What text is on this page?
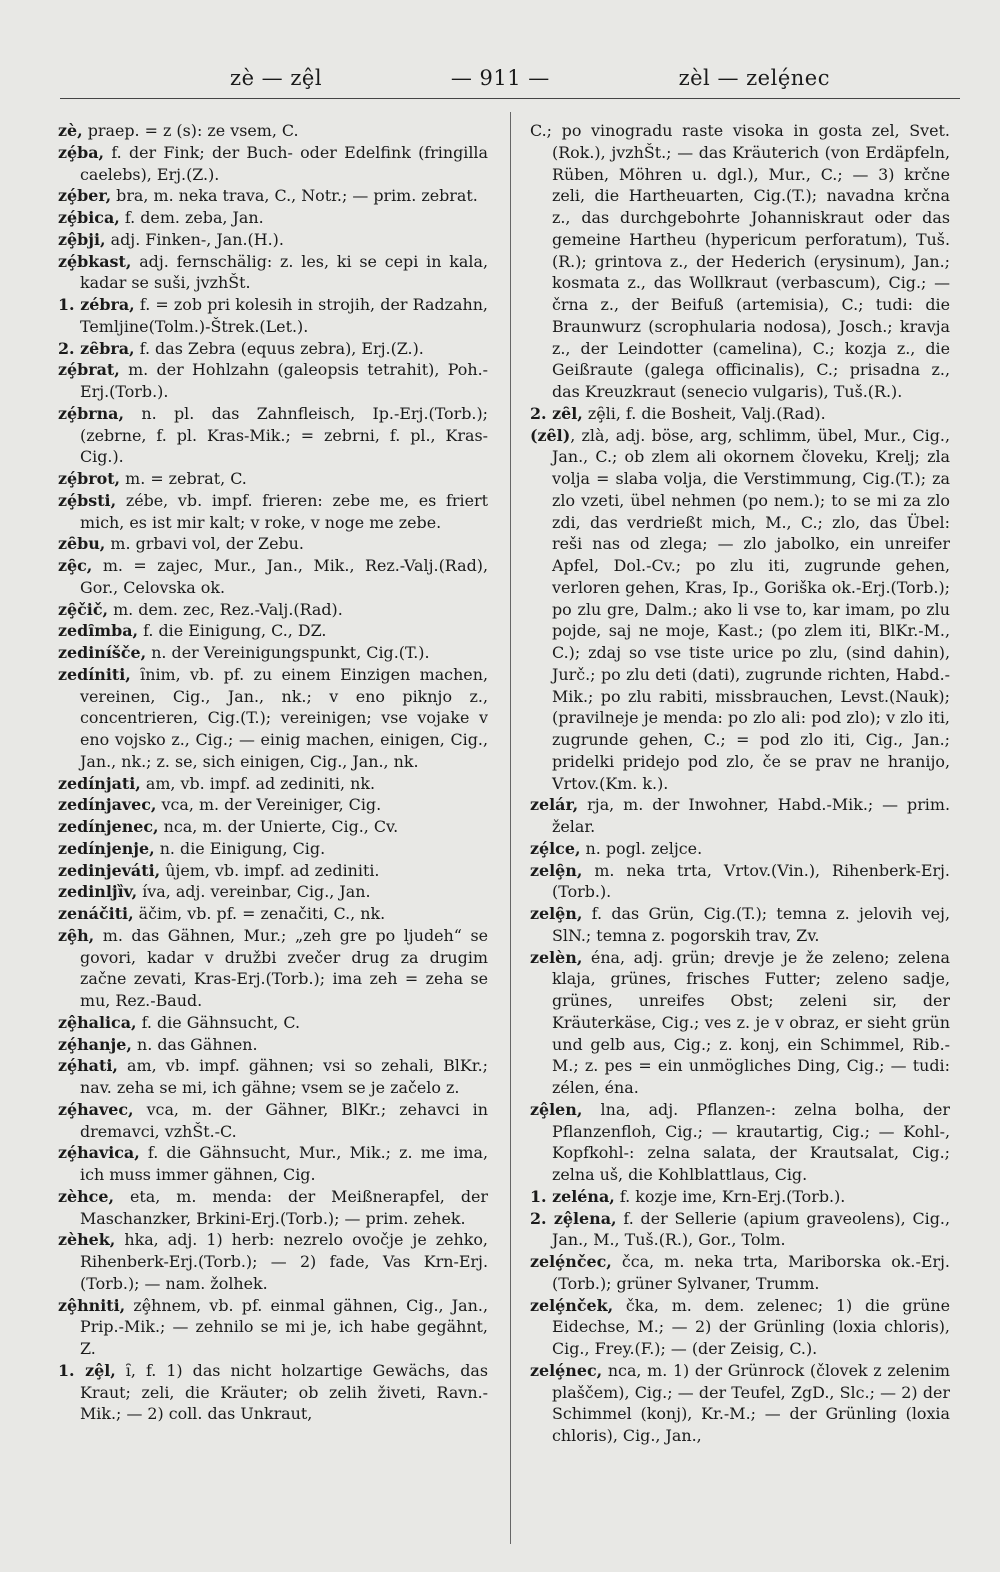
zè — zȩ̂l	— 911 —	zèl — zelȩ́nec

zè, praep. = z (s): ze vsem, C.

zȩ́ba, f. der Fink; der Buch- oder Edelfink (fringilla caelebs), Erj.(Z.).

zȩ́ber, bra, m. neka trava, C., Notr.; — prim. zebrat.

zȩ́bica, f. dem. zeba, Jan.

zȩ̂bji, adj. Finken-, Jan.(H.).

zȩ́bkast, adj. fernschälig: z. les, ki se cepi in kala, kadar se suši, jvzhŠt.

1. zébra, f. = zob pri kolesih in strojih, der Radzahn, Temljine(Tolm.)-Štrek.(Let.).

2. zȇbra, f. das Zebra (equus zebra), Erj.(Z.).

zȩ́brat, m. der Hohlzahn (galeopsis tetrahit), Poh.-Erj.(Torb.).

zȩ́brna, n. pl. das Zahnfleisch, Ip.-Erj.(Torb.); (zebrne, f. pl. Kras-Mik.; = zebrni, f. pl., Kras-Cig.).

zȩ́brot, m. = zebrat, C.

zȩ́bsti, zébe, vb. impf. frieren: zebe me, es friert mich, es ist mir kalt; v roke, v noge me zebe.

zȇbu, m. grbavi vol, der Zebu.

zȩ̑c, m. = zajec, Mur., Jan., Mik., Rez.-Valj.(Rad), Gor., Celovska ok.

zȩ̑čič, m. dem. zec, Rez.-Valj.(Rad).

zedȋmba, f. die Einigung, C., DZ.

zedinı́šče, n. der Vereinigungspunkt, Cig.(T.).

zedı́niti, ı̑nim, vb. pf. zu einem Einzigen machen, vereinen, Cig., Jan., nk.; v eno piknjo z., concentrieren, Cig.(T.); vereinigen; vse vojake v eno vojsko z., Cig.; — einig machen, einigen, Cig., Jan., nk.; z. se, sich einigen, Cig., Jan., nk.

zedı́njati, am, vb. impf. ad zediniti, nk.

zedı́njavec, vca, m. der Vereiniger, Cig.

zedı́njenec, nca, m. der Unierte, Cig., Cv.

zedı́njenje, n. die Einigung, Cig.

zedinjeváti, ûjem, vb. impf. ad zediniti.

zedinljȉv, ı́va, adj. vereinbar, Cig., Jan.

zenáčiti, äčim, vb. pf. = zenačiti, C., nk.

zȩ̑h, m. das Gähnen, Mur.; „zeh gre po ljudeh“ se govori, kadar v družbi zvečer drug za drugim začne zevati, Kras-Erj.(Torb.); ima zeh = zeha se mu, Rez.-Baud.

zȩ̂halica, f. die Gähnsucht, C.

zȩ́hanje, n. das Gähnen.

zȩ́hati, am, vb. impf. gähnen; vsi so zehali, BlKr.; nav. zeha se mi, ich gähne; vsem se je začelo z.

zȩ́havec, vca, m. der Gähner, BlKr.; zehavci in dremavci, vzhŠt.-C.

zȩ́havica, f. die Gähnsucht, Mur., Mik.; z. me ima, ich muss immer gähnen, Cig.

zèhce, eta, m. menda: der Meißnerapfel, der Maschanzker, Brkini-Erj.(Torb.); — prim. zehek.

zèhek, hka, adj. 1) herb: nezrelo ovočje je zehko, Rihenberk-Erj.(Torb.); — 2) fade, Vas Krn-Erj.(Torb.); — nam. žolhek.

zȩ̂hniti, zȩ̂hnem, vb. pf. einmal gähnen, Cig., Jan., Prip.-Mik.; — zehnilo se mi je, ich habe gegähnt, Z.

1. zȩ̂l, ı̑, f. 1) das nicht holzartige Gewächs, das Kraut; zeli, die Kräuter; ob zelih živeti, Ravn.-Mik.; — 2) coll. das Unkraut,

C.; po vinogradu raste visoka in gosta zel, Svet.(Rok.), jvzhŠt.; — das Kräuterich (von Erdäpfeln, Rüben, Möhren u. dgl.), Mur., C.; — 3) krčne zeli, die Hartheuarten, Cig.(T.); navadna krčna z., das durchgebohrte Johanniskraut oder das gemeine Hartheu (hypericum perforatum), Tuš.(R.); grintova z., der Hederich (erysinum), Jan.; kosmata z., das Wollkraut (verbascum), Cig.; — črna z., der Beifuß (artemisia), C.; tudi: die Braunwurz (scrophularia nodosa), Josch.; kravja z., der Leindotter (camelina), C.; kozja z., die Geißraute (galega officinalis), C.; prisadna z., das Kreuzkraut (senecio vulgaris), Tuš.(R.).

2. zȇl, zȩ̑li, f. die Bosheit, Valj.(Rad).

(zȇl), zlà, adj. böse, arg, schlimm, übel, Mur., Cig., Jan., C.; ob zlem ali okornem človeku, Krelj; zla volja = slaba volja, die Verstimmung, Cig.(T.); za zlo vzeti, übel nehmen (po nem.); to se mi za zlo zdi, das verdrießt mich, M., C.; zlo, das Übel: reši nas od zlega; — zlo jabolko, ein unreifer Apfel, Dol.-Cv.; po zlu iti, zugrunde gehen, verloren gehen, Kras, Ip., Goriška ok.-Erj.(Torb.); po zlu gre, Dalm.; ako li vse to, kar imam, po zlu pojde, saj ne moje, Kast.; (po zlem iti, BlKr.-M., C.); zdaj so vse tiste urice po zlu, (sind dahin), Jurč.; po zlu deti (dati), zugrunde richten, Habd.-Mik.; po zlu rabiti, missbrauchen, Levst.(Nauk); (pravilneje je menda: po zlo ali: pod zlo); v zlo iti, zugrunde gehen, C.; = pod zlo iti, Cig., Jan.; pridelki pridejo pod zlo, če se prav ne hranijo, Vrtov.(Km. k.).

zelár, rja, m. der Inwohner, Habd.-Mik.; — prim. želar.

zȩ́lce, n. pogl. zeljce.

zelȩ̑n, m. neka trta, Vrtov.(Vin.), Rihenberk-Erj.(Torb.).

zelȩ̑n, f. das Grün, Cig.(T.); temna z. jelovih vej, SlN.; temna z. pogorskih trav, Zv.

zelèn, éna, adj. grün; drevje je že zeleno; zelena klaja, grünes, frisches Futter; zeleno sadje, grünes, unreifes Obst; zeleni sir, der Kräuterkäse, Cig.; ves z. je v obraz, er sieht grün und gelb aus, Cig.; z. konj, ein Schimmel, Rib.-M.; z. pes = ein unmögliches Ding, Cig.; — tudi: zélen, éna.

zȩ̂len, lna, adj. Pflanzen-: zelna bolha, der Pflanzenfloh, Cig.; — krautartig, Cig.; — Kohl-, Kopfkohl-: zelna salata, der Krautsalat, Cig.; zelna uš, die Kohlblattlaus, Cig.

1. zeléna, f. kozje ime, Krn-Erj.(Torb.).

2. zȩ̂lena, f. der Sellerie (apium graveolens), Cig., Jan., M., Tuš.(R.), Gor., Tolm.

zelȩ́nčec, čca, m. neka trta, Mariborska ok.-Erj.(Torb.); grüner Sylvaner, Trumm.

zelȩ́nček, čka, m. dem. zelenec; 1) die grüne Eidechse, M.; — 2) der Grünling (loxia chloris), Cig., Frey.(F.); — (der Zeisig, C.).

zelȩ́nec, nca, m. 1) der Grünrock (človek z zelenim plaščem), Cig.; — der Teufel, ZgD., Slc.; — 2) der Schimmel (konj), Kr.-M.; — der Grünling (loxia chloris), Cig., Jan.,
